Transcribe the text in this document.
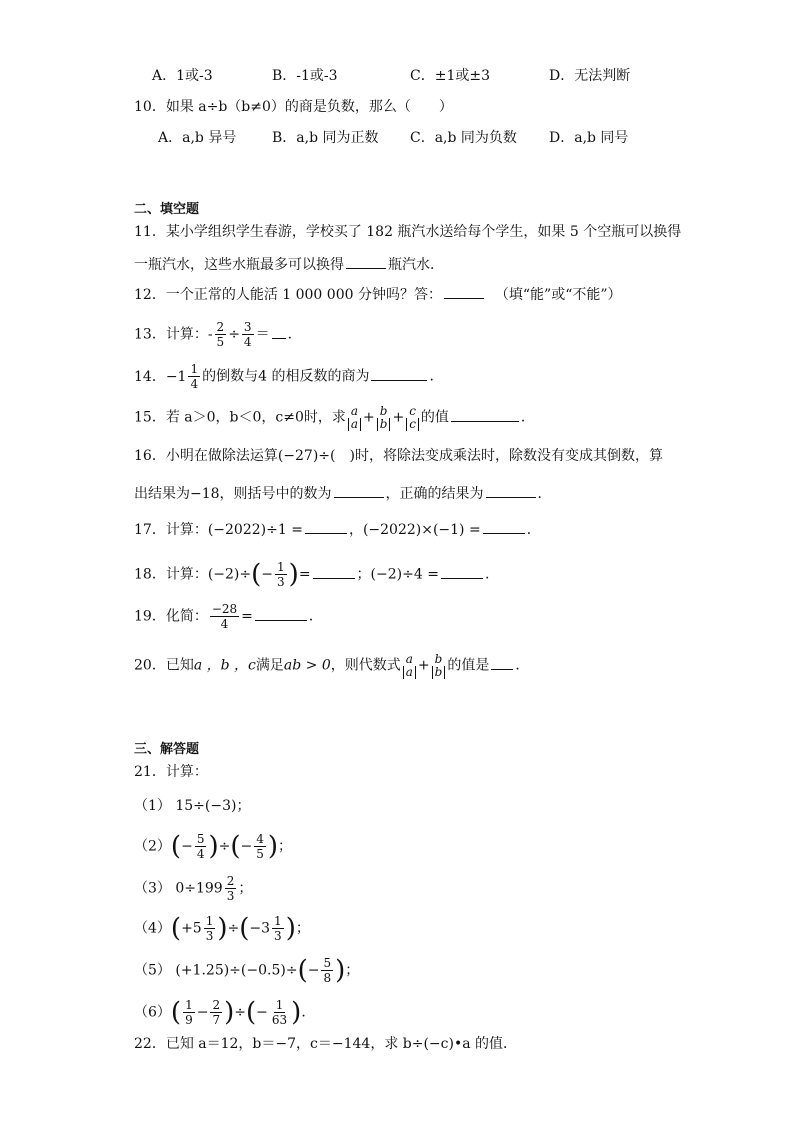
A．1或-3	B．-1或-3	C．±1或±3	D．无法判断
10．如果 a÷b（b≠0）的商是负数，那么（　　）
A．a,b 异号	B．a,b 同为正数 C．a,b 同为负数 D．a,b 同号
二、填空题
11．某小学组织学生春游，学校买了 182 瓶汽水送给每个学生，如果 5 个空瓶可以换得
一瓶汽水，这些水瓶最多可以换得	瓶汽水．
12．一个正常的人能活 1 000 000 分钟吗？答：	（填“能”或“不能”）
13．计算：- $\frac{2}{5} \div \frac{3}{4}$ ＝ ．
14．$-1 \frac{1}{4}$ 的倒数与4 的相反数的商为	．
15．若 a＞0，b＜0，c≠0时，求 a
a + b
b + c
c 的值	．
16．小明在做除法运算(−27)÷(　)时，将除法变成乘法时，除数没有变成其倒数，算
出结果为−18，则括号中的数为	，正确的结果为	．
17．计算：(−2022)÷1 =	，(−2022)×(−1) =	．
18．计算：$(-2)\div(- \frac{1}{3}$ )=	；(−2)÷4 =	.
19．化简： $\frac{-28}{4}$ =	．
20．已知a ，b ，c满足ab > 0，则代数式 a
a + b
b 的值是 ．
三、解答题
21．计算：
（1） 15÷(−3)；
$(2)(- \frac{5}{4}$ )÷(− $\frac{4}{5}$ )；
（3） $0\div 199 \frac{2}{3}$ ；
$(4)(+5 \frac{1}{3} )\div(-3 \frac{1}{3}$ )；
（5） $(+1.25)\div(-0.5)\div(- \frac{5}{8}$ )；
$(6)( \frac{1}{9} - \frac{2}{7}$ )÷(− $\frac{1}{63}$ )．
22．已知 a＝12，b＝−7，c＝−144，求 b÷(−c)•a 的值．
